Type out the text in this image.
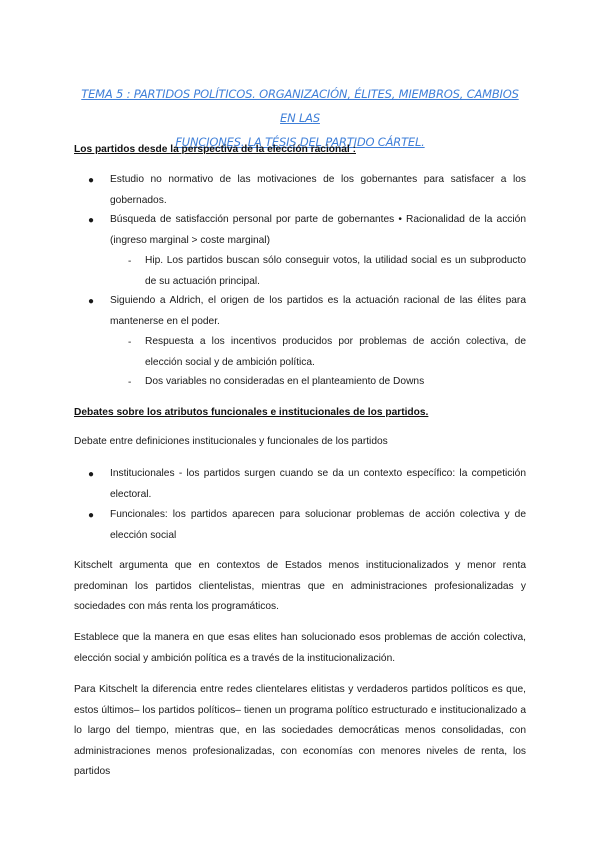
TEMA 5 : PARTIDOS POLÍTICOS. ORGANIZACIÓN, ÉLITES, MIEMBROS, CAMBIOS EN LAS
FUNCIONES. LA TÉSIS DEL PARTIDO CÁRTEL.
Los partidos desde la perspectiva de la elección racional :
● Estudio no normativo de las motivaciones de los gobernantes para satisfacer a los gobernados.
● Búsqueda de satisfacción personal por parte de gobernantes • Racionalidad de la acción (ingreso marginal > coste marginal)
- Hip. Los partidos buscan sólo conseguir votos, la utilidad social es un subproducto de su actuación principal.
● Siguiendo a Aldrich, el origen de los partidos es la actuación racional de las élites para mantenerse en el poder.
- Respuesta a los incentivos producidos por problemas de acción colectiva, de elección social y de ambición política.
- Dos variables no consideradas en el planteamiento de Downs
Debates sobre los atributos funcionales e institucionales de los partidos.
Debate entre definiciones institucionales y funcionales de los partidos
● Institucionales - los partidos surgen cuando se da un contexto específico: la competición electoral.
● Funcionales: los partidos aparecen para solucionar problemas de acción colectiva y de elección social
Kitschelt argumenta que en contextos de Estados menos institucionalizados y menor renta predominan los partidos clientelistas, mientras que en administraciones profesionalizadas y sociedades con más renta los programáticos.
Establece que la manera en que esas elites han solucionado esos problemas de acción colectiva, elección social y ambición política es a través de la institucionalización.
Para Kitschelt la diferencia entre redes clientelares elitistas y verdaderos partidos políticos es que, estos últimos– los partidos políticos– tienen un programa político estructurado e institucionalizado a lo largo del tiempo, mientras que, en las sociedades democráticas menos consolidadas, con administraciones menos profesionalizadas, con economías con menores niveles de renta, los partidos
